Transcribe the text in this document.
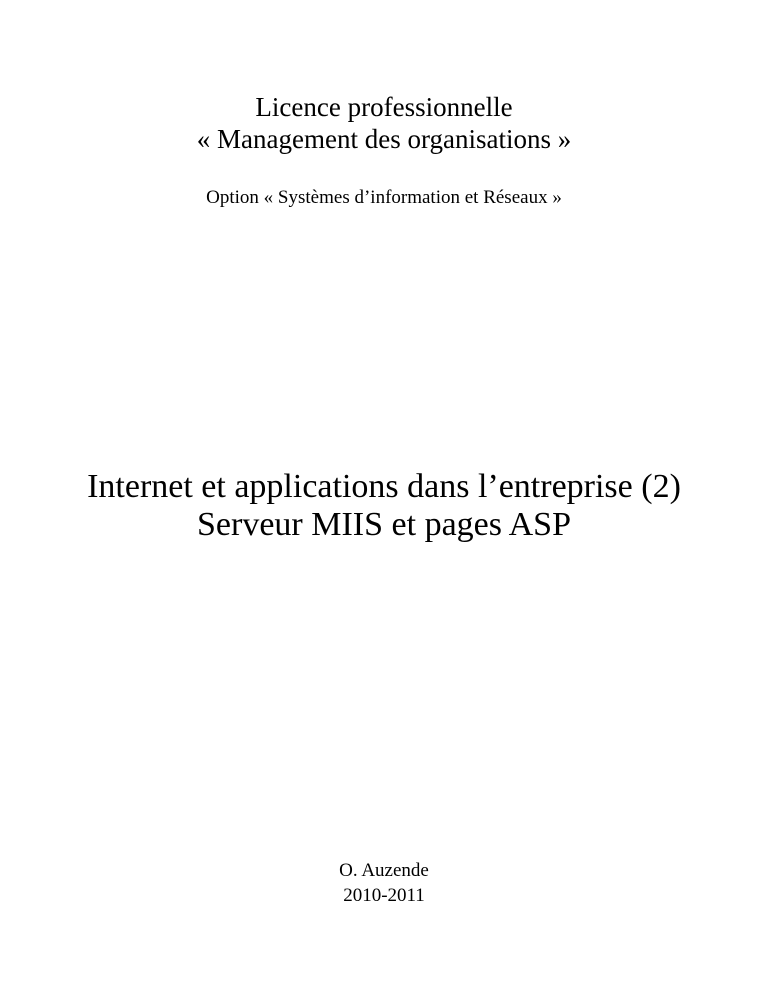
Licence professionnelle
« Management des organisations »
Option « Systèmes d’information et Réseaux »
Internet et applications dans l’entreprise (2)
Serveur MIIS et pages ASP
O. Auzende
2010-2011
